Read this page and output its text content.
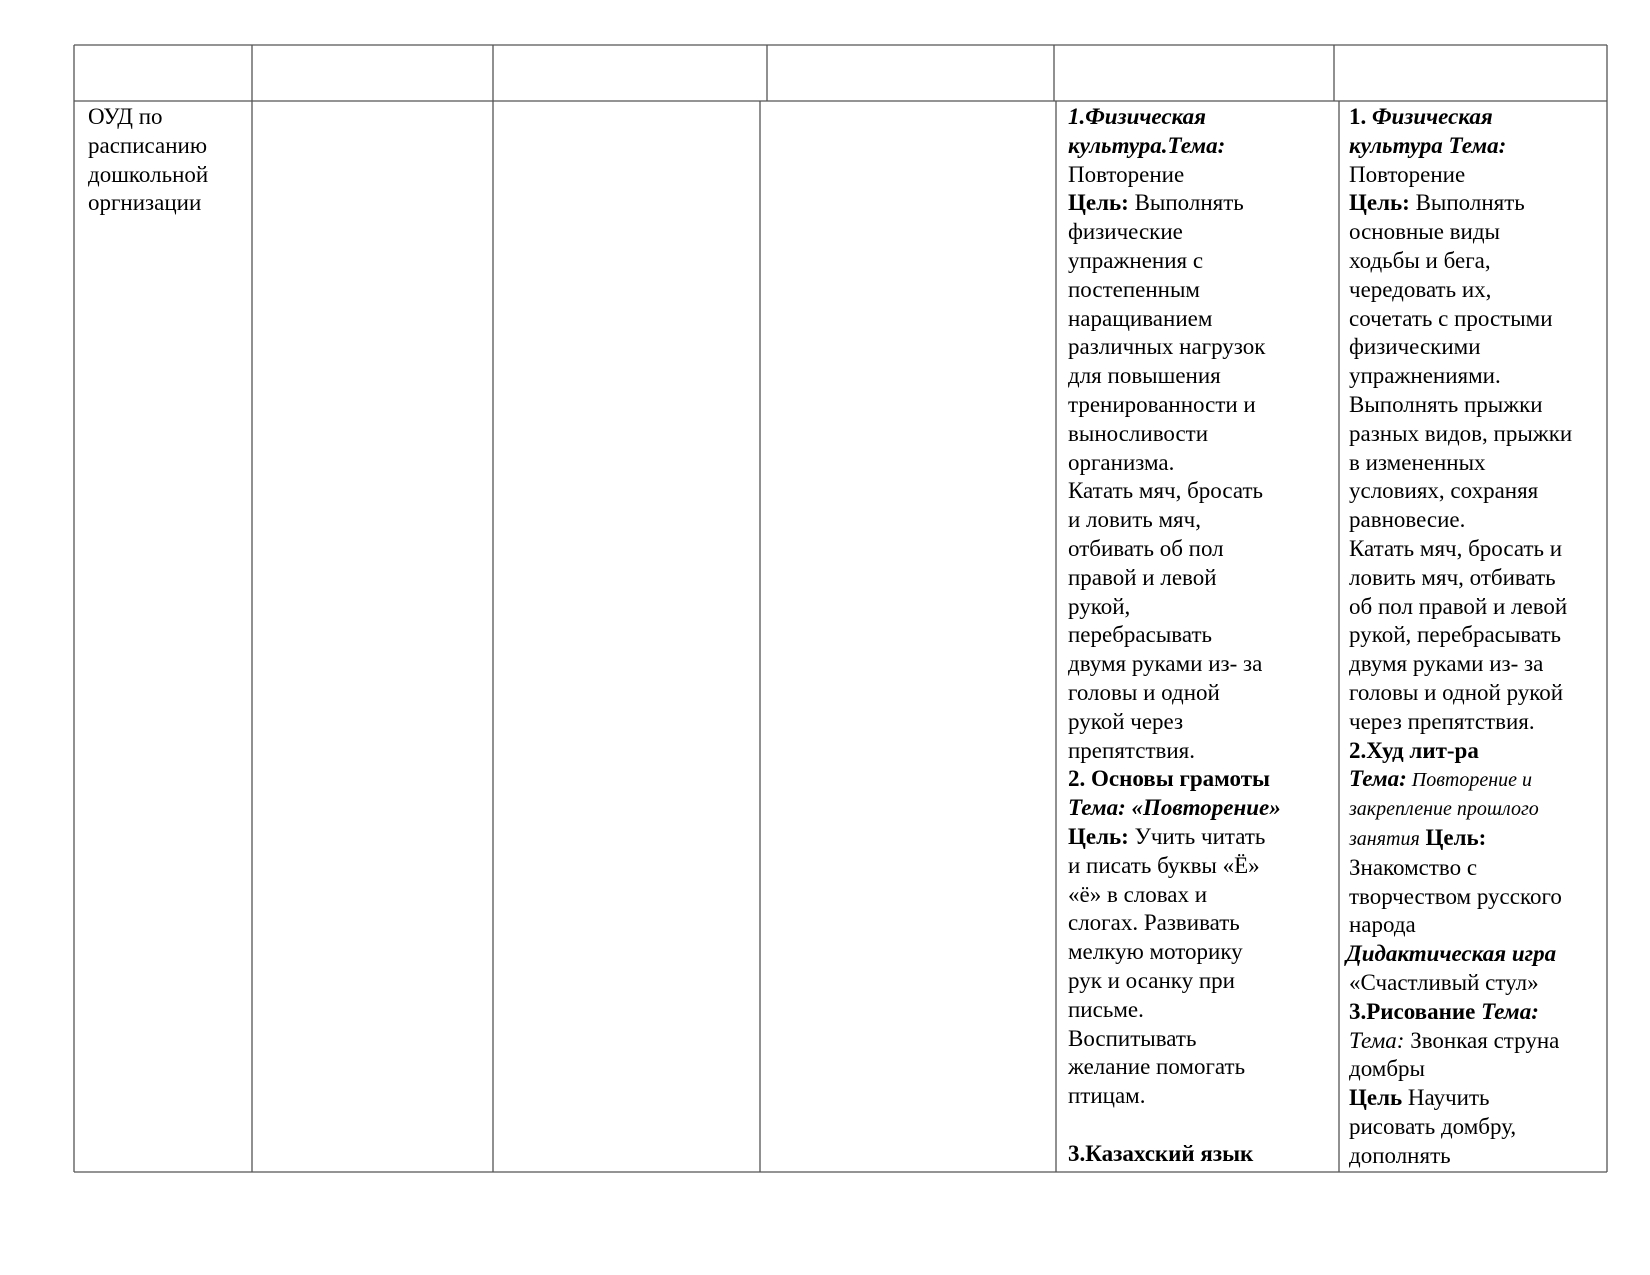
ОУД по
расписанию
дошкольной
оргнизации
1.Физическая
культура.Тема:
Повторение
Цель: Выполнять
физические
упражнения с
постепенным
наращиванием
различных нагрузок
для повышения
тренированности и
выносливости
организма.
Катать мяч, бросать
и ловить мяч,
отбивать об пол
правой и левой
рукой,
перебрасывать
двумя руками из- за
головы и одной
рукой через
препятствия.
2. Основы грамоты
Тема: «Повторение»
Цель: Учить читать
и писать буквы «Ё»
«ё» в словах и
слогах. Развивать
мелкую моторику
рук и осанку при
письме.
Воспитывать
желание помогать
птицам.
3.Казахский язык
1. Физическая
культура Тема:
Повторение
Цель: Выполнять
основные виды
ходьбы и бега,
чередовать их,
сочетать с простыми
физическими
упражнениями.
Выполнять прыжки
разных видов, прыжки
в измененных
условиях, сохраняя
равновесие.
Катать мяч, бросать и
ловить мяч, отбивать
об пол правой и левой
рукой, перебрасывать
двумя руками из- за
головы и одной рукой
через препятствия.
2.Худ лит-ра
Тема: Повторение и
закрепление прошлого
занятия Цель:
Знакомство с
творчеством русского
народа
Дидактическая игра
«Счастливый стул»
3.Рисование Тема:
Тема: Звонкая струна
домбры
Цель Научить
рисовать домбру,
дополнять
